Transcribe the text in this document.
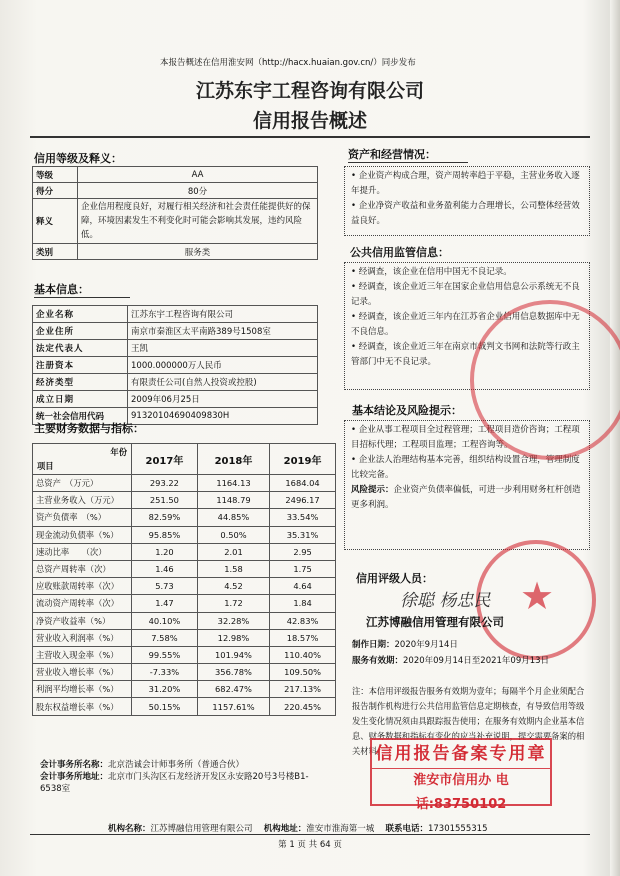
本报告概述在信用淮安网（http://hacx.huaian.gov.cn/）同步发布
江苏东宇工程咨询有限公司
信用报告概述
信用等级及释义：
等级	AA
得分	80分
释义	企业信用程度良好，对履行相关经济和社会责任能提供好的保障，环境因素发生不利变化时可能会影响其发展，违约风险低。
类别	服务类
基本信息：
企业名称	江苏东宇工程咨询有限公司
企业住所	南京市秦淮区太平南路389号1508室
法定代表人	王凯
注册资本	1000.000000万人民币
经济类型	有限责任公司(自然人投资或控股)
成立日期	2009年06月25日
统一社会信用代码	91320104690409830H
主要财务数据与指标：
年份
项目	2017年	2018年	2019年
总资产　（万元）	293.22	1164.13	1684.04
主营业务收入（万元）	251.50	1148.79	2496.17
资产负债率　（%）	82.59%	44.85%	33.54%
现金流动负债率（%）	95.85%	0.50%	35.31%
速动比率　　（次）	1.20	2.01	2.95
总资产周转率（次）	1.46	1.58	1.75
应收账款周转率（次）	5.73	4.52	4.64
流动资产周转率（次）	1.47	1.72	1.84
净资产收益率（%）	40.10%	32.28%	42.83%
营业收入利润率（%）	7.58%	12.98%	18.57%
主营收入现金率（%）	99.55%	101.94%	110.40%
营业收入增长率（%）	-7.33%	356.78%	109.50%
利润平均增长率（%）	31.20%	682.47%	217.13%
股东权益增长率（%）	50.15%	1157.61%	220.45%
会计事务所名称：北京浩诚会计师事务所（普通合伙）
会计事务所地址：北京市门头沟区石龙经济开发区永安路20号3号楼B1-6538室
资产和经营情况：

• 企业资产构成合理，资产周转率趋于平稳，主营业务收入逐年提升。

• 企业净资产收益和业务盈利能力合理增长，公司整体经营效益良好。

公共信用监管信息：

• 经调查，该企业在信用中国无不良记录。

• 经调查，该企业近三年在国家企业信用信息公示系统无不良记录。

• 经调查，该企业近三年内在江苏省企业信用信息数据库中无不良信息。

• 经调查，该企业近三年在南京市裁判文书网和法院等行政主管部门中无不良记录。

基本结论及风险提示：

• 企业从事工程项目全过程管理；工程项目造价咨询；工程项目招标代理；工程项目监理；工程咨询等。

• 企业法人治理结构基本完善，组织结构设置合理，管理制度比较完备。

风险提示：企业资产负债率偏低，可进一步利用财务杠杆创造更多利润。

★
信用评级人员：
徐聪 杨忠民
江苏博融信用管理有限公司
制作日期：2020年9月14日
服务有效期：2020年09月14日至2021年09月13日
注：本信用评级报告服务有效期为壹年；每隔半个月企业须配合报告制作机构进行公共信用监管信息定期核查，有导致信用等级发生变化情况须由具跟踪报告使用；在服务有效期内企业基本信息、财务数据和指标有变化的应当补充说明，提交需要备案的相关材料。
信用报告备案专用章
淮安市信用办 电话:83750102
机构名称：江苏博融信用管理有限公司　 机构地址：淮安市淮海第一城　 联系电话：17301555315
第 1 页 共 64 页
